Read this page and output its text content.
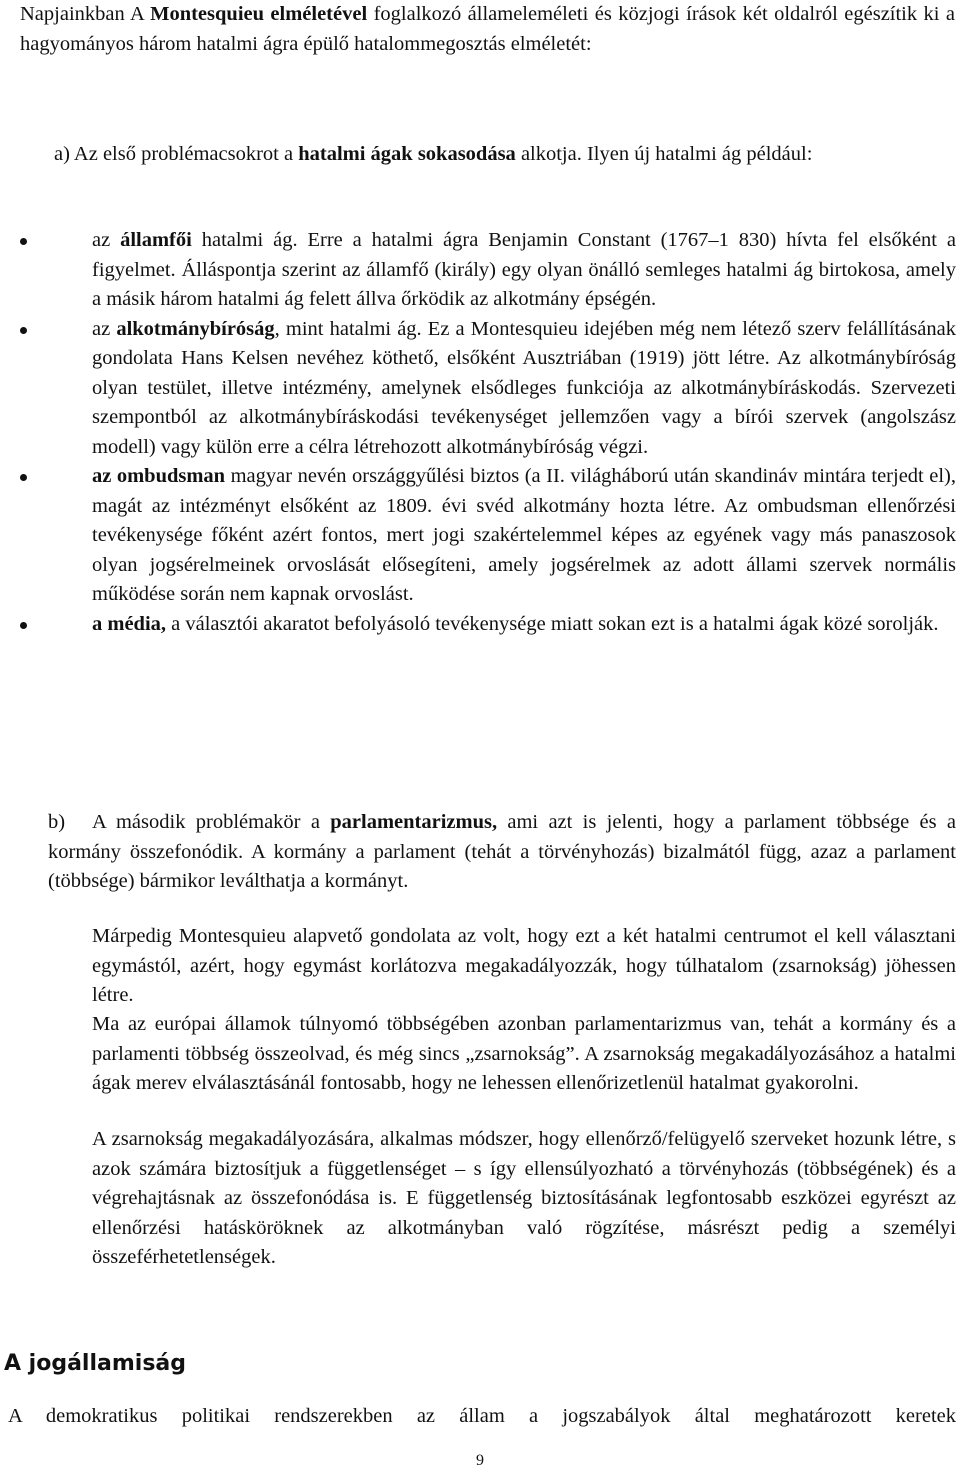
Napjainkban A Montesquieu elméletével foglalkozó állameleméleti és közjogi írások két oldalról egészítik ki a hagyományos három hatalmi ágra épülő hatalommegosztás elméletét:
a) Az első problémacsokrot a hatalmi ágak sokasodása alkotja. Ilyen új hatalmi ág például:
az államfői hatalmi ág. Erre a hatalmi ágra Benjamin Constant (1767–1 830) hívta fel elsőként a figyelmet. Álláspontja szerint az államfő (király) egy olyan önálló semleges hatalmi ág birtokosa, amely a másik három hatalmi ág felett állva őrködik az alkotmány épségén.
az alkotmánybíróság, mint hatalmi ág. Ez a Montesquieu idejében még nem létező szerv felállításának gondolata Hans Kelsen nevéhez köthető, elsőként Ausztriában (1919) jött létre. Az alkotmánybíróság olyan testület, illetve intézmény, amelynek elsődleges funkciója az alkotmánybíráskodás. Szervezeti szempontból az alkotmánybíráskodási tevékenységet jellemzően vagy a bírói szervek (angolszász modell) vagy külön erre a célra létrehozott alkotmánybíróság végzi.
az ombudsman magyar nevén országgyűlési biztos (a II. világháború után skandináv mintára terjedt el), magát az intézményt elsőként az 1809. évi svéd alkotmány hozta létre. Az ombudsman ellenőrzési tevékenysége főként azért fontos, mert jogi szakértelemmel képes az egyének vagy más panaszosok olyan jogsérelmeinek orvoslását elősegíteni, amely jogsérelmek az adott állami szervek normális működése során nem kapnak orvoslást.
a média, a választói akaratot befolyásoló tevékenysége miatt sokan ezt is a hatalmi ágak közé sorolják.
b) A második problémakör a parlamentarizmus, ami azt is jelenti, hogy a parlament többsége és a kormány összefonódik. A kormány a parlament (tehát a törvényhozás) bizalmától függ, azaz a parlament (többsége) bármikor leválthatja a kormányt.
Márpedig Montesquieu alapvető gondolata az volt, hogy ezt a két hatalmi centrumot el kell választani egymástól, azért, hogy egymást korlátozva megakadályozzák, hogy túlhatalom (zsarnokság) jöhessen létre.
Ma az európai államok túlnyomó többségében azonban parlamentarizmus van, tehát a kormány és a parlamenti többség összeolvad, és még sincs „zsarnokság”. A zsarnokság megakadályozásához a hatalmi ágak merev elválasztásánál fontosabb, hogy ne lehessen ellenőrizetlenül hatalmat gyakorolni.
A zsarnokság megakadályozására, alkalmas módszer, hogy ellenőrző/felügyelő szerveket hozunk létre, s azok számára biztosítjuk a függetlenséget – s így ellensúlyozható a törvényhozás (többségének) és a végrehajtásnak az összefonódása is. E függetlenség biztosításának legfontosabb eszközei egyrészt az ellenőrzési hatásköröknek az alkotmányban való rögzítése, másrészt pedig a személyi összeférhetetlenségek.
A jogállamiság
A demokratikus politikai rendszerekben az állam a jogszabályok által meghatározott keretek
9
